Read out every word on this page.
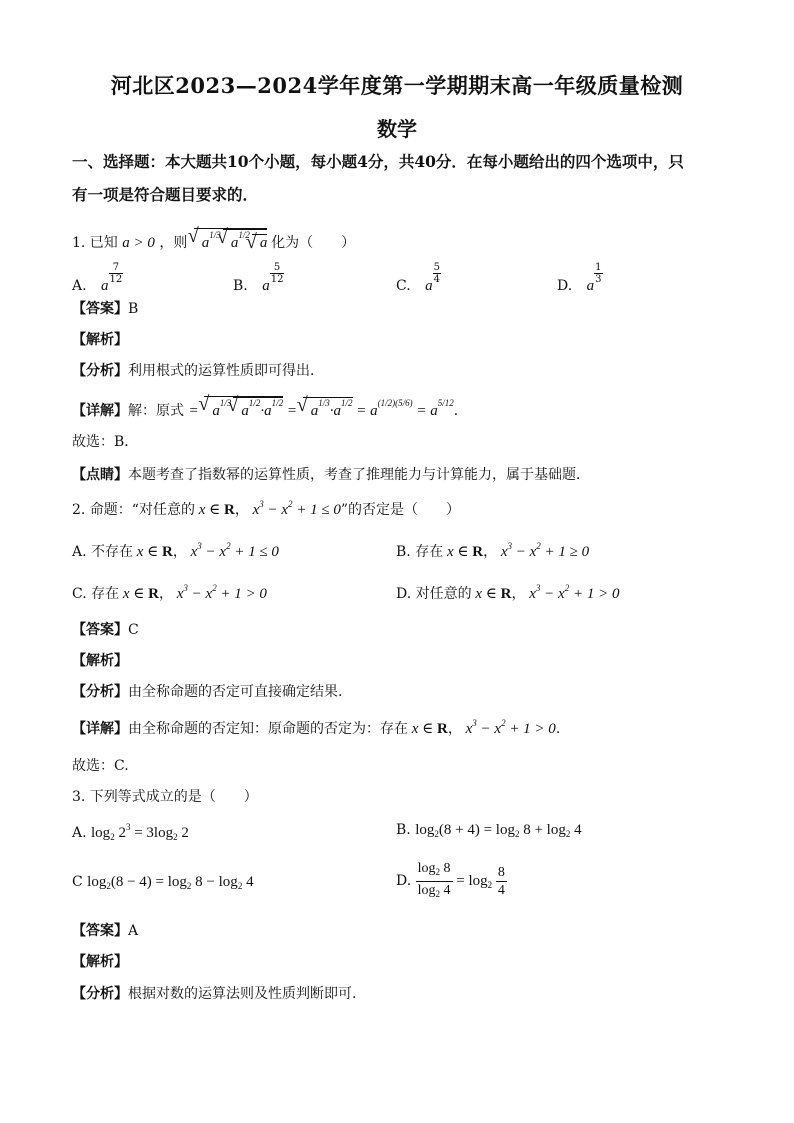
河北区2023—2024学年度第一学期期末高一年级质量检测
数学
一、选择题：本大题共10个小题，每小题4分，共40分．在每小题给出的四个选项中，只
有一项是符合题目要求的．
1. 已知 a > 0 ，则 √ $a^{1/3}√$ $a^{1/2}√$ a 化为（　　）
A. a
$\frac{7}{12}$
B. a
$\frac{5}{12}$
C. a
$\frac{5}{4}$
D. a
$\frac{1}{3}$
【答案】B
【解析】
【分析】利用根式的运算性质即可得出．
【详解】解：原式 = √ $a^{1/3}√$ $a^{1/2}\cdot a^{1/2}$ = √ $a^{1/3}\cdot a^{1/2} = a^{(1/2)(5/6)} = a^{5/12}$．
故选：B．
【点睛】本题考查了指数幂的运算性质，考查了推理能力与计算能力，属于基础题．
2. 命题：“对任意的 x ∈ R， $x^3 - x^2 + 1 \le 0$”的否定是（　　）
A. 不存在 x ∈ R， $x^3 - x^2 + 1 \le 0$	B. 存在 x ∈ R， $x^3 - x^2 + 1 \ge 0$
C. 存在 x ∈ R， $x^3 - x^2 + 1 > 0$	D. 对任意的 x ∈ R， $x^3 - x^2 + 1 > 0$
【答案】C
【解析】
【分析】由全称命题的否定可直接确定结果.
【详解】由全称命题的否定知：原命题的否定为：存在 x ∈ R， $x^3 - x^2 + 1 > 0$.
故选：C.
3. 下列等式成立的是（　　）
A. $\log_2 2^3 = 3\log_2$ 2	B. $\log_2(8 + 4) = \log_2 8 + \log_2 4$
C $\log_2(8 - 4) = \log_2 8 - \log_2 4$	D. $\frac{\log_2 8}{\log_2 4} = \log_2 \frac{8}{4}$
【答案】A
【解析】
【分析】根据对数的运算法则及性质判断即可.
